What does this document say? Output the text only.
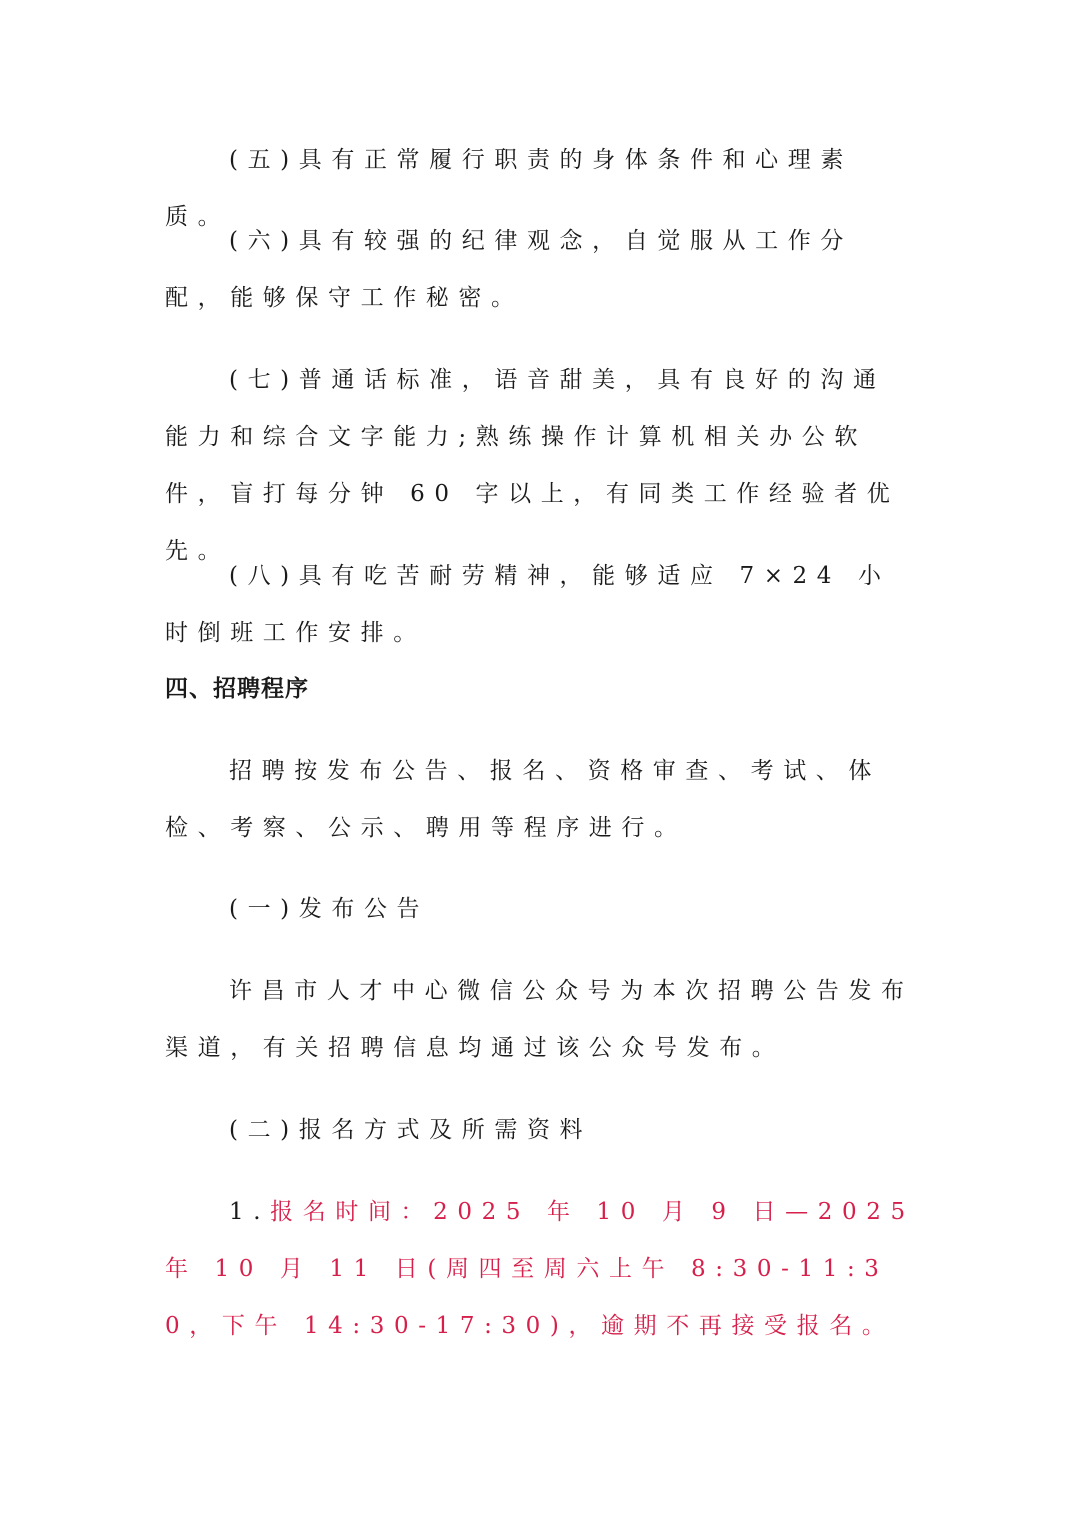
(五)具有正常履行职责的身体条件和心理素质。

(六)具有较强的纪律观念，自觉服从工作分配，能够保守工作秘密。

(七)普通话标准，语音甜美，具有良好的沟通能力和综合文字能力;熟练操作计算机相关办公软件，盲打每分钟 60 字以上，有同类工作经验者优先。

(八)具有吃苦耐劳精神，能够适应 7×24 小时倒班工作安排。

四、招聘程序

招聘按发布公告、报名、资格审查、考试、体检、考察、公示、聘用等程序进行。

(一)发布公告

许昌市人才中心微信公众号为本次招聘公告发布渠道，有关招聘信息均通过该公众号发布。

(二)报名方式及所需资料

1.报名时间：2025 年 10 月 9 日—2025 年 10 月 11 日(周四至周六上午 8:30-11:30，下午 14:30-17:30)，逾期不再接受报名。
